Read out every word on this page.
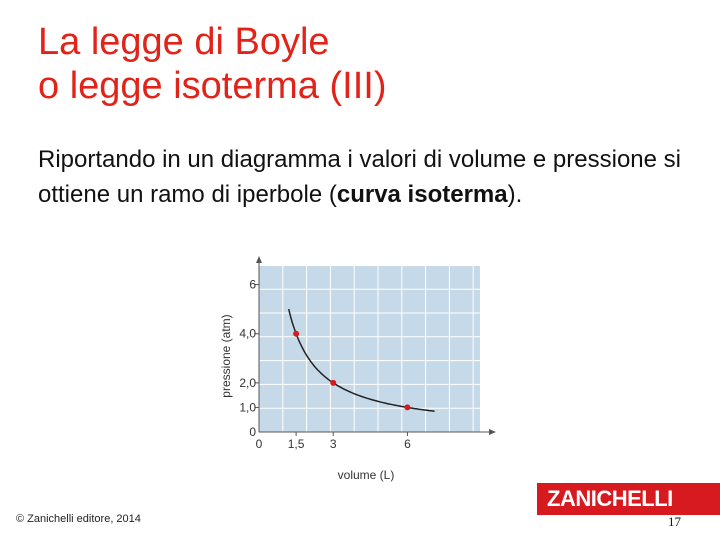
La legge di Boyle
o legge isoterma (III)
Riportando in un diagramma i valori di volume e pressione si ottiene un ramo di iperbole (curva isoterma).
0 1,5 3	6
0
1,0
2,0
4,0
6
volume (L)
pressione (atm)
© Zanichelli editore, 2014
ZANICHELLI
17
